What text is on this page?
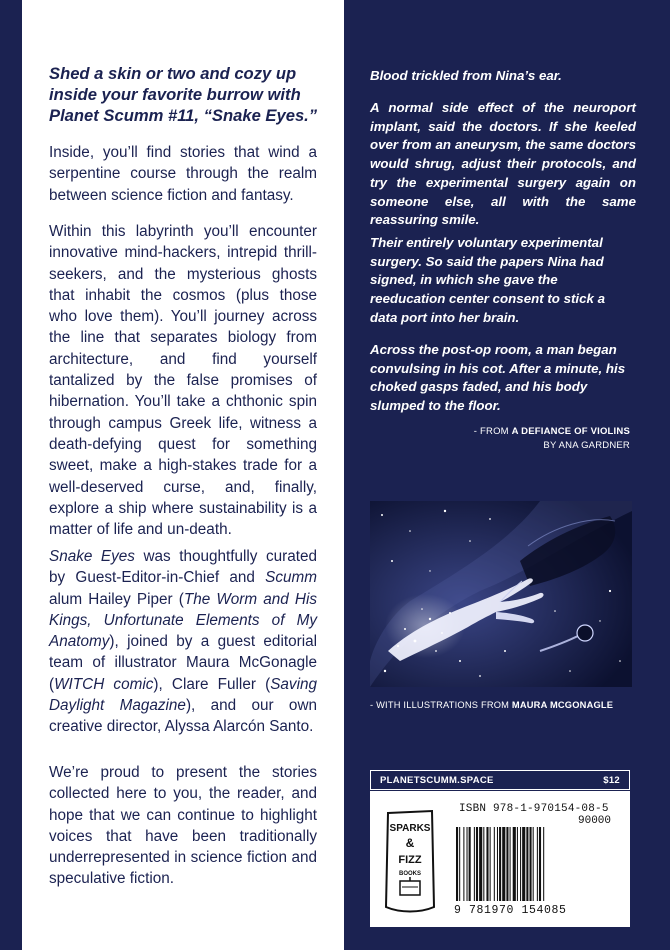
Shed a skin or two and cozy up inside your favorite burrow with Planet Scumm #11, “Snake Eyes.”
Inside, you’ll find stories that wind a serpentine course through the realm between science fiction and fantasy.
Within this labyrinth you’ll encounter innovative mind-hackers, intrepid thrill-seekers, and the mysterious ghosts that inhabit the cosmos (plus those who love them). You’ll journey across the line that separates biology from architecture, and find yourself tantalized by the false promises of hibernation. You’ll take a chthonic spin through campus Greek life, witness a death-defying quest for something sweet, make a high-stakes trade for a well-deserved curse, and, finally, explore a ship where sustainability is a matter of life and un-death.
Snake Eyes was thoughtfully curated by Guest-Editor-in-Chief and Scumm alum Hailey Piper (The Worm and His Kings, Unfortunate Elements of My Anatomy), joined by a guest editorial team of illustrator Maura McGonagle (WITCH comic), Clare Fuller (Saving Daylight Magazine), and our own creative director, Alyssa Alarcón Santo.
We’re proud to present the stories collected here to you, the reader, and hope that we can continue to highlight voices that have been traditionally underrepresented in science fiction and speculative fiction.
Blood trickled from Nina’s ear.
A normal side effect of the neuroport implant, said the doctors. If she keeled over from an aneurysm, the same doctors would shrug, adjust their protocols, and try the experimental surgery again on someone else, all with the same reassuring smile.
Their entirely voluntary experimental surgery. So said the papers Nina had signed, in which she gave the reeducation center consent to stick a data port into her brain.
Across the post-op room, a man began convulsing in his cot. After a minute, his choked gasps faded, and his body slumped to the floor.
- FROM A DEFIANCE OF VIOLINS
BY ANA GARDNER
- WITH ILLUSTRATIONS FROM MAURA MCGONAGLE
PLANETSCUMM.SPACE	$12
SPARKS
&
FIZZ
BOOKS
ISBN 978-1-970154-08-5
90000
9 781970 154085
